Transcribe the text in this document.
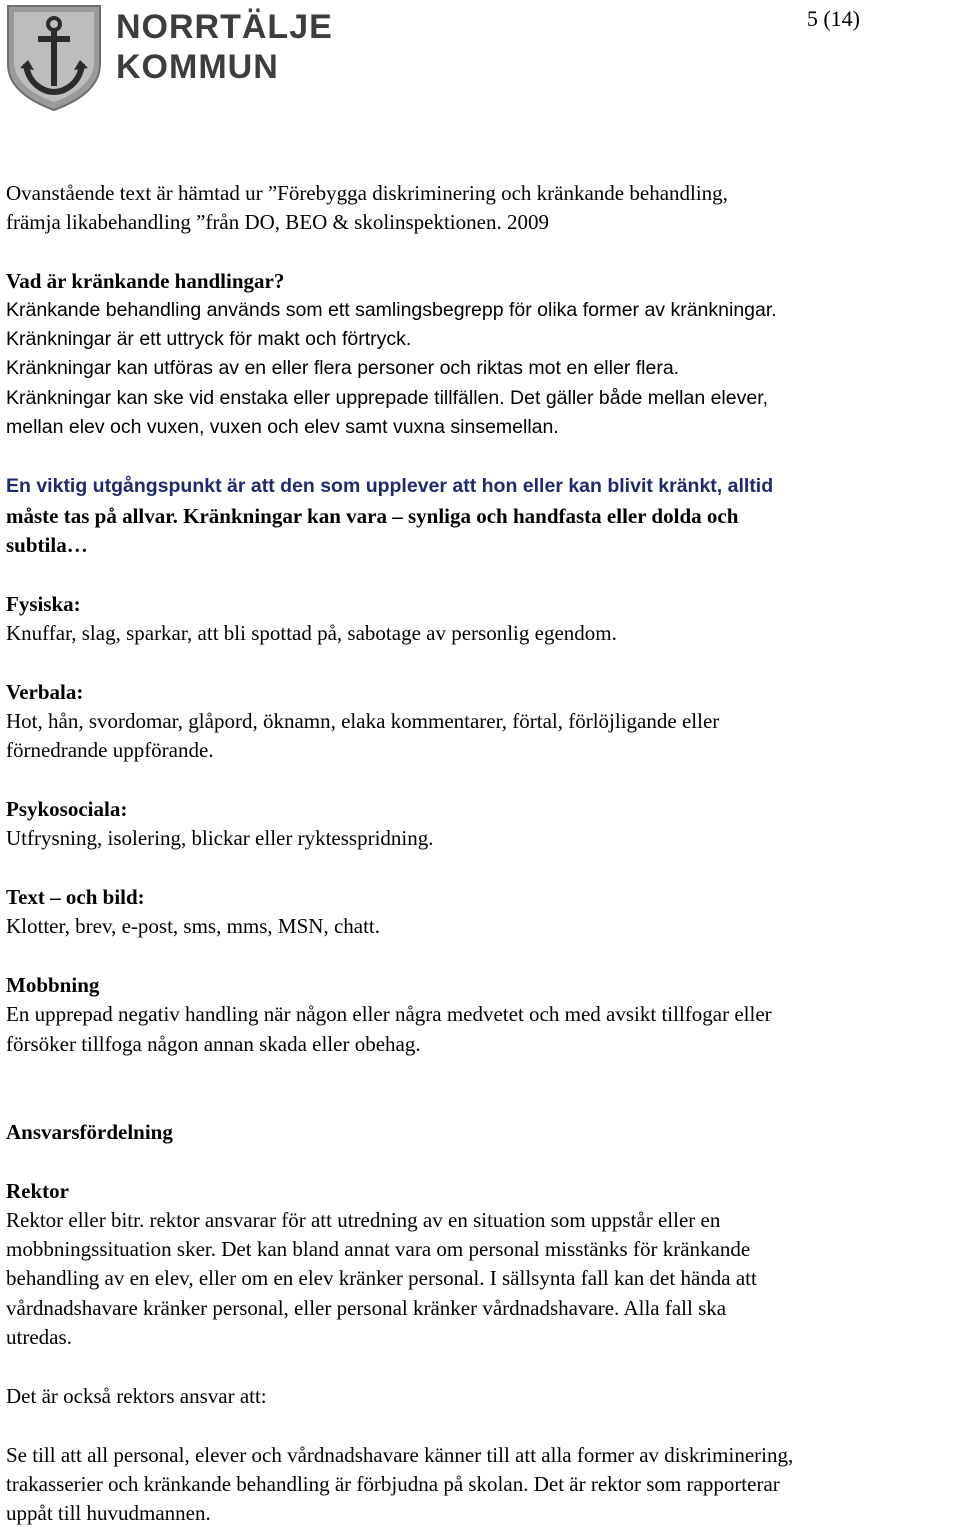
NORRTÄLJE
KOMMUN
5 (14)
Ovanstående text är hämtad ur ”Förebygga diskriminering och kränkande behandling,
främja likabehandling ”från DO, BEO & skolinspektionen. 2009
Vad är kränkande handlingar?
Kränkande behandling används som ett samlingsbegrepp för olika former av kränkningar.
Kränkningar är ett uttryck för makt och förtryck.
Kränkningar kan utföras av en eller flera personer och riktas mot en eller flera.
Kränkningar kan ske vid enstaka eller upprepade tillfällen. Det gäller både mellan elever,
mellan elev och vuxen, vuxen och elev samt vuxna sinsemellan.
En viktig utgångspunkt är att den som upplever att hon eller kan blivit kränkt, alltid
måste tas på allvar. Kränkningar kan vara – synliga och handfasta eller dolda och
subtila…
Fysiska:
Knuffar, slag, sparkar, att bli spottad på, sabotage av personlig egendom.
Verbala:
Hot, hån, svordomar, glåpord, öknamn, elaka kommentarer, förtal, förlöjligande eller
förnedrande uppförande.
Psykosociala:
Utfrysning, isolering, blickar eller ryktesspridning.
Text – och bild:
Klotter, brev, e-post, sms, mms, MSN, chatt.
Mobbning
En upprepad negativ handling när någon eller några medvetet och med avsikt tillfogar eller
försöker tillfoga någon annan skada eller obehag.
Ansvarsfördelning
Rektor
Rektor eller bitr. rektor ansvarar för att utredning av en situation som uppstår eller en
mobbningssituation sker. Det kan bland annat vara om personal misstänks för kränkande
behandling av en elev, eller om en elev kränker personal. I sällsynta fall kan det hända att
vårdnadshavare kränker personal, eller personal kränker vårdnadshavare. Alla fall ska
utredas.
Det är också rektors ansvar att:
Se till att all personal, elever och vårdnadshavare känner till att alla former av diskriminering,
trakasserier och kränkande behandling är förbjudna på skolan. Det är rektor som rapporterar
uppåt till huvudmannen.
